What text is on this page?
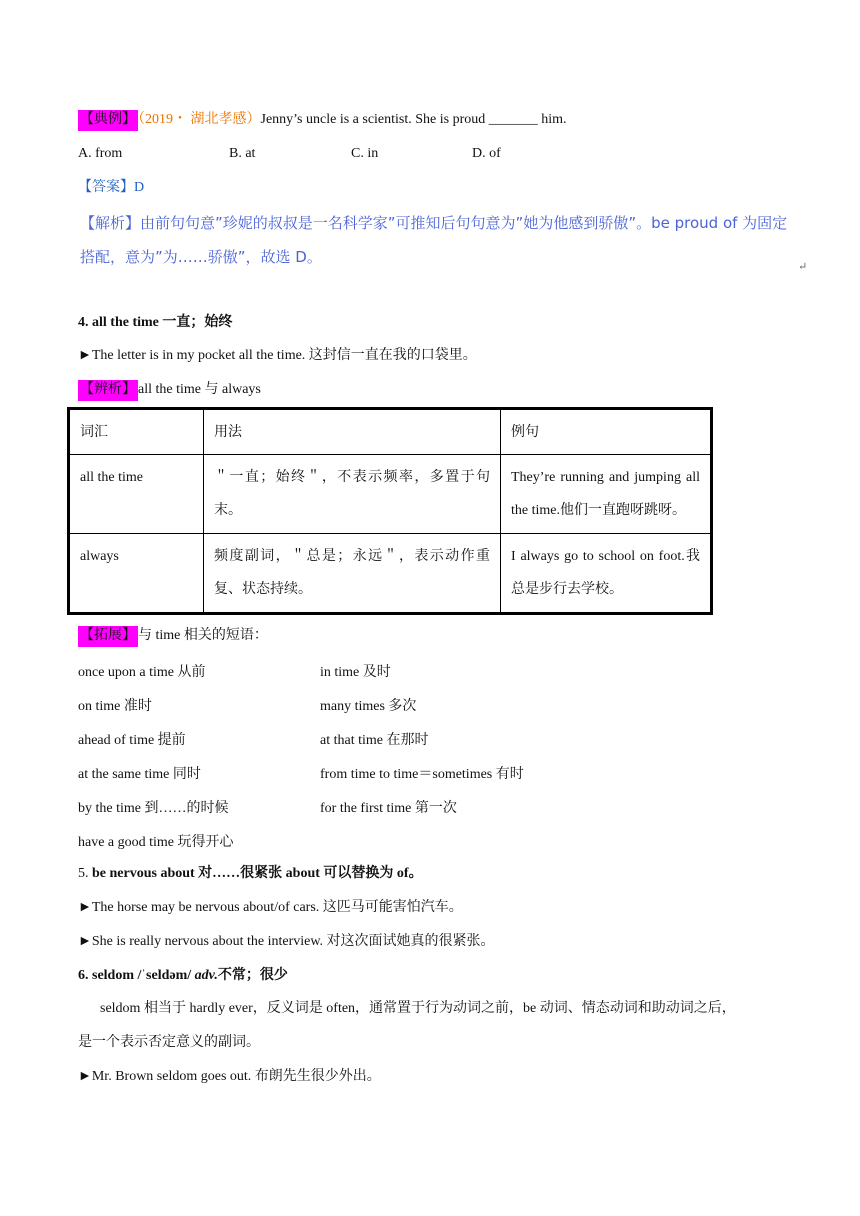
【典例】 （2019・ 湖北孝感）Jenny’s uncle is a scientist. She is proud _______ him.
A. from	B. at	C. in	D. of
【答案】D
【解析】由前句句意”珍妮的叔叔是一名科学家”可推知后句句意为”她为他感到骄傲”。be proud of 为固定搭配，意为”为……骄傲”，故选 D。
↵
4. all the time 一直；始终
►The letter is in my pocket all the time. 这封信一直在我的口袋里。
【辨析】 all the time 与 always
词汇	用法	例句
all the time	＂一直；始终＂，不表示频率，多置于句末。	They’re running and jumping all the time.他们一直跑呀跳呀。
always	频度副词，＂总是；永远＂，表示动作重复、状态持续。	I always go to school on foot.我总是步行去学校。
【拓展】 与 time 相关的短语：
once upon a time 从前	in time 及时
on time 准时	many times 多次
ahead of time 提前	at that time 在那时
at the same time 同时	from time to time＝sometimes 有时
by the time 到……的时候	for the first time 第一次
have a good time 玩得开心
5. be nervous about 对……很紧张 about 可以替换为 of。
►The horse may be nervous about/of cars. 这匹马可能害怕汽车。
►She is really nervous about the interview. 对这次面试她真的很紧张。
6. seldom /ˈseldəm/ adv.不常；很少
seldom 相当于 hardly ever，反义词是 often，通常置于行为动词之前，be 动词、情态动词和助动词之后，
是一个表示否定意义的副词。
►Mr. Brown seldom goes out. 布朗先生很少外出。
